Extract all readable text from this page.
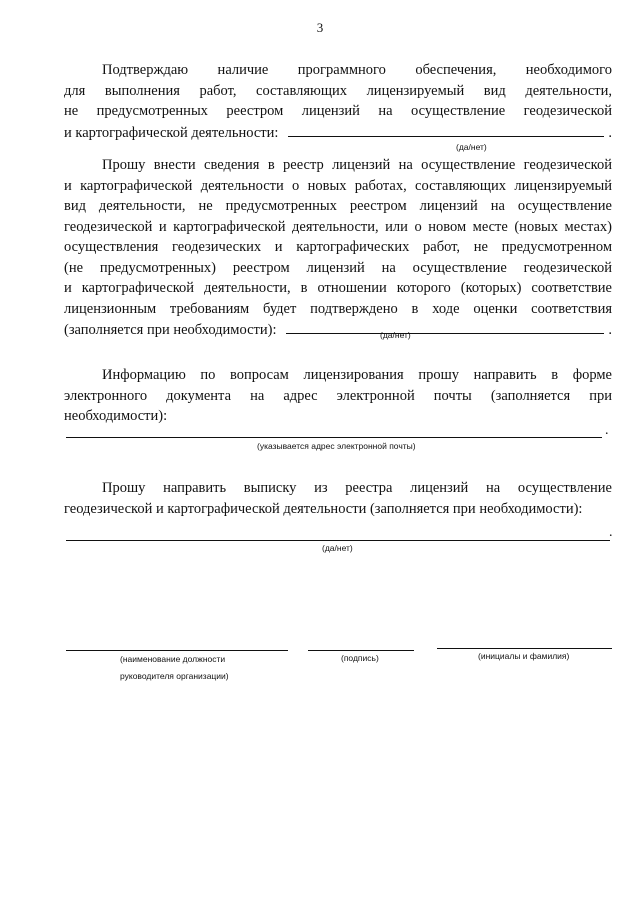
3
Подтверждаю наличие программного обеспечения, необходимого
для выполнения работ, составляющих лицензируемый вид деятельности,
не предусмотренных реестром лицензий на осуществление геодезической
и картографической деятельности:	.
(да/нет)
Прошу внести сведения в реестр лицензий на осуществление геодезической
и картографической деятельности о новых работах, составляющих лицензируемый
вид деятельности, не предусмотренных реестром лицензий на осуществление
геодезической и картографической деятельности, или о новом месте (новых местах)
осуществления геодезических и картографических работ, не предусмотренном
(не предусмотренных) реестром лицензий на осуществление геодезической
и картографической деятельности, в отношении которого (которых) соответствие
лицензионным требованиям будет подтверждено в ходе оценки соответствия
(заполняется при необходимости):	.
(да/нет)
Информацию по вопросам лицензирования прошу направить в форме
электронного документа на адрес электронной почты (заполняется при
необходимости):
.
(указывается адрес электронной почты)
Прошу направить выписку из реестра лицензий на осуществление
геодезической и картографической деятельности (заполняется при необходимости):
.
(да/нет)
(наименование должности	(подпись)	(инициалы и фамилия)
руководителя организации)
